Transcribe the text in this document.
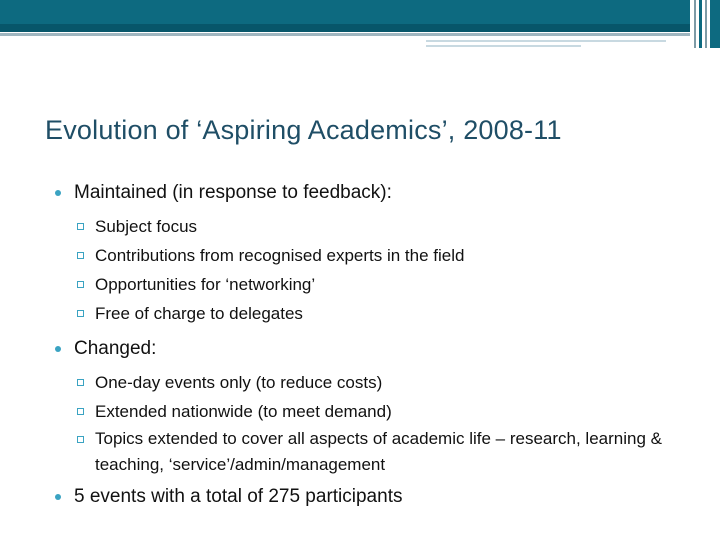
Evolution of ‘Aspiring Academics’, 2008-11
Maintained (in response to feedback):
Subject focus
Contributions from recognised experts in the field
Opportunities for ‘networking’
Free of charge to delegates
Changed:
One-day events only (to reduce costs)
Extended nationwide (to meet demand)
Topics extended to cover all aspects of academic life – research, learning & teaching, ‘service’/admin/management
5 events with a total of 275 participants
